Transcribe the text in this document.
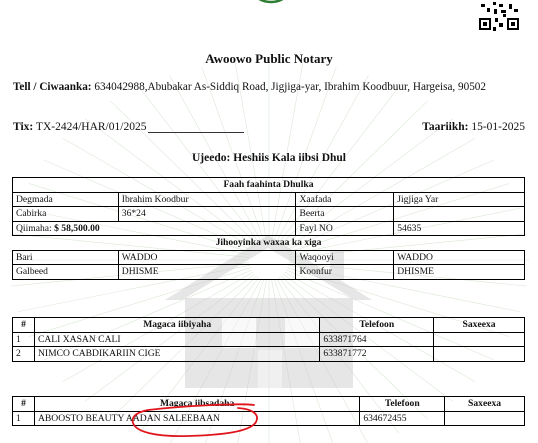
Awoowo Public Notary
Tell / Ciwaanka: 634042988,Abubakar As-Siddiq Road, Jigjiga-yar, Ibrahim Koodbuur, Hargeisa, 90502
Tix: TX-2424/HAR/01/2025	Taariikh: 15-01-2025
Ujeedo: Heshiis Kala iibsi Dhul
Faah faahinta Dhulka			
Degmada	Ibrahim Koodbur	Xaafada	Jigjiga Yar
Cabirka	36*24	Beerta	
Qiimaha: $ 58,500.00		Fayl NO	54635
Jihooyinka waxaa ka xiga			
Bari	WADDO	Waqooyi	WADDO
Galbeed	DHISME	Koonfur	DHISME
#	Magaca iibiyaha	Telefoon	Saxeexa
1	CALI XASAN CALI	633871764	
2	NIMCO CABDIKARIIN CIGE	633871772	
#	Magaca iibsadaha	Telefoon	Saxeexa
1	ABOOSTO BEAUTY AADAN SALEEBAAN	634672455	
